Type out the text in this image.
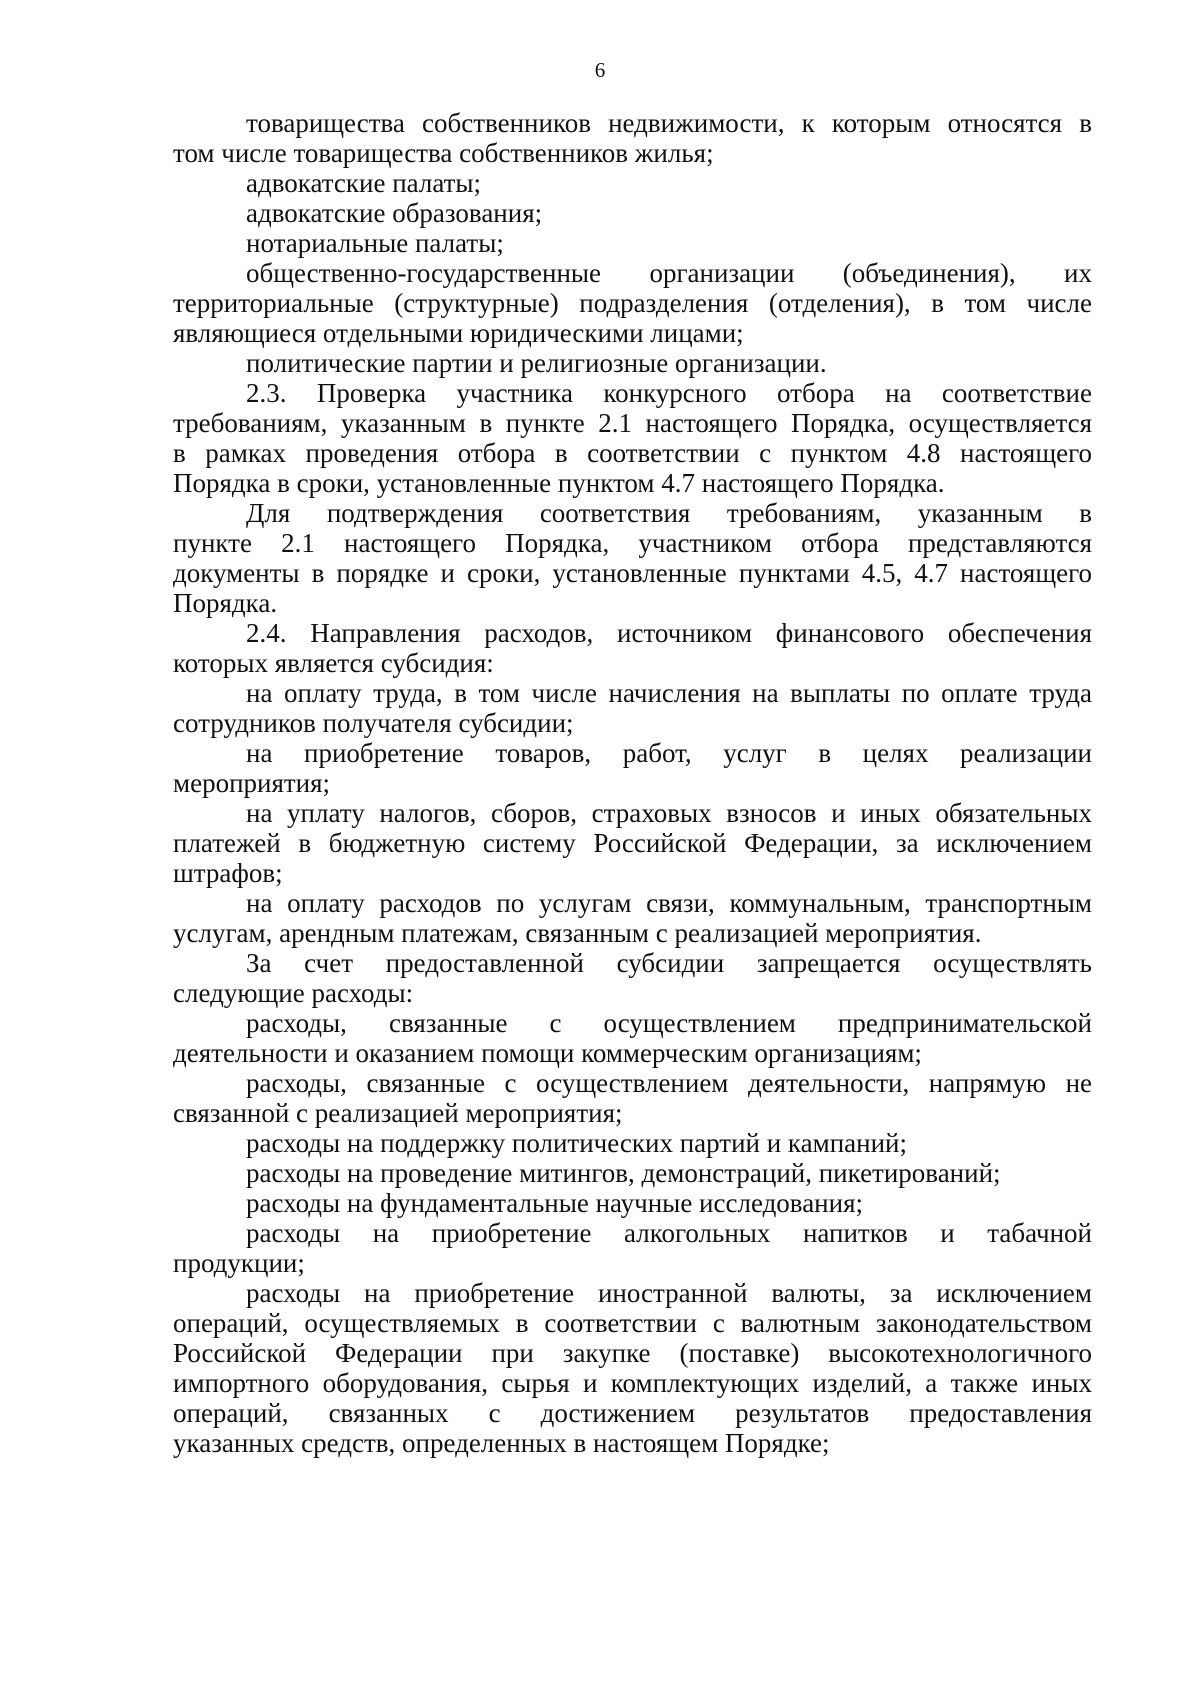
6

товарищества собственников недвижимости, к которым относятся в
том числе товарищества собственников жилья;

адвокатские палаты;

адвокатские образования;

нотариальные палаты;

общественно-государственные организации (объединения), их
территориальные (структурные) подразделения (отделения), в том числе
являющиеся отдельными юридическими лицами;

политические партии и религиозные организации.

2.3. Проверка участника конкурсного отбора на соответствие
требованиям, указанным в пункте 2.1 настоящего Порядка, осуществляется
в рамках проведения отбора в соответствии с пунктом 4.8 настоящего
Порядка в сроки, установленные пунктом 4.7 настоящего Порядка.

Для подтверждения соответствия требованиям, указанным в
пункте 2.1 настоящего Порядка, участником отбора представляются
документы в порядке и сроки, установленные пунктами 4.5, 4.7 настоящего
Порядка.

2.4. Направления расходов, источником финансового обеспечения
которых является субсидия:

на оплату труда, в том числе начисления на выплаты по оплате труда
сотрудников получателя субсидии;

на приобретение товаров, работ, услуг в целях реализации
мероприятия;

на уплату налогов, сборов, страховых взносов и иных обязательных
платежей в бюджетную систему Российской Федерации, за исключением
штрафов;

на оплату расходов по услугам связи, коммунальным, транспортным
услугам, арендным платежам, связанным с реализацией мероприятия.

За счет предоставленной субсидии запрещается осуществлять
следующие расходы:

расходы, связанные с осуществлением предпринимательской
деятельности и оказанием помощи коммерческим организациям;

расходы, связанные с осуществлением деятельности, напрямую не
связанной с реализацией мероприятия;

расходы на поддержку политических партий и кампаний;

расходы на проведение митингов, демонстраций, пикетирований;

расходы на фундаментальные научные исследования;

расходы на приобретение алкогольных напитков и табачной
продукции;

расходы на приобретение иностранной валюты, за исключением
операций, осуществляемых в соответствии с валютным законодательством
Российской Федерации при закупке (поставке) высокотехнологичного
импортного оборудования, сырья и комплектующих изделий, а также иных
операций, связанных с достижением результатов предоставления
указанных средств, определенных в настоящем Порядке;
